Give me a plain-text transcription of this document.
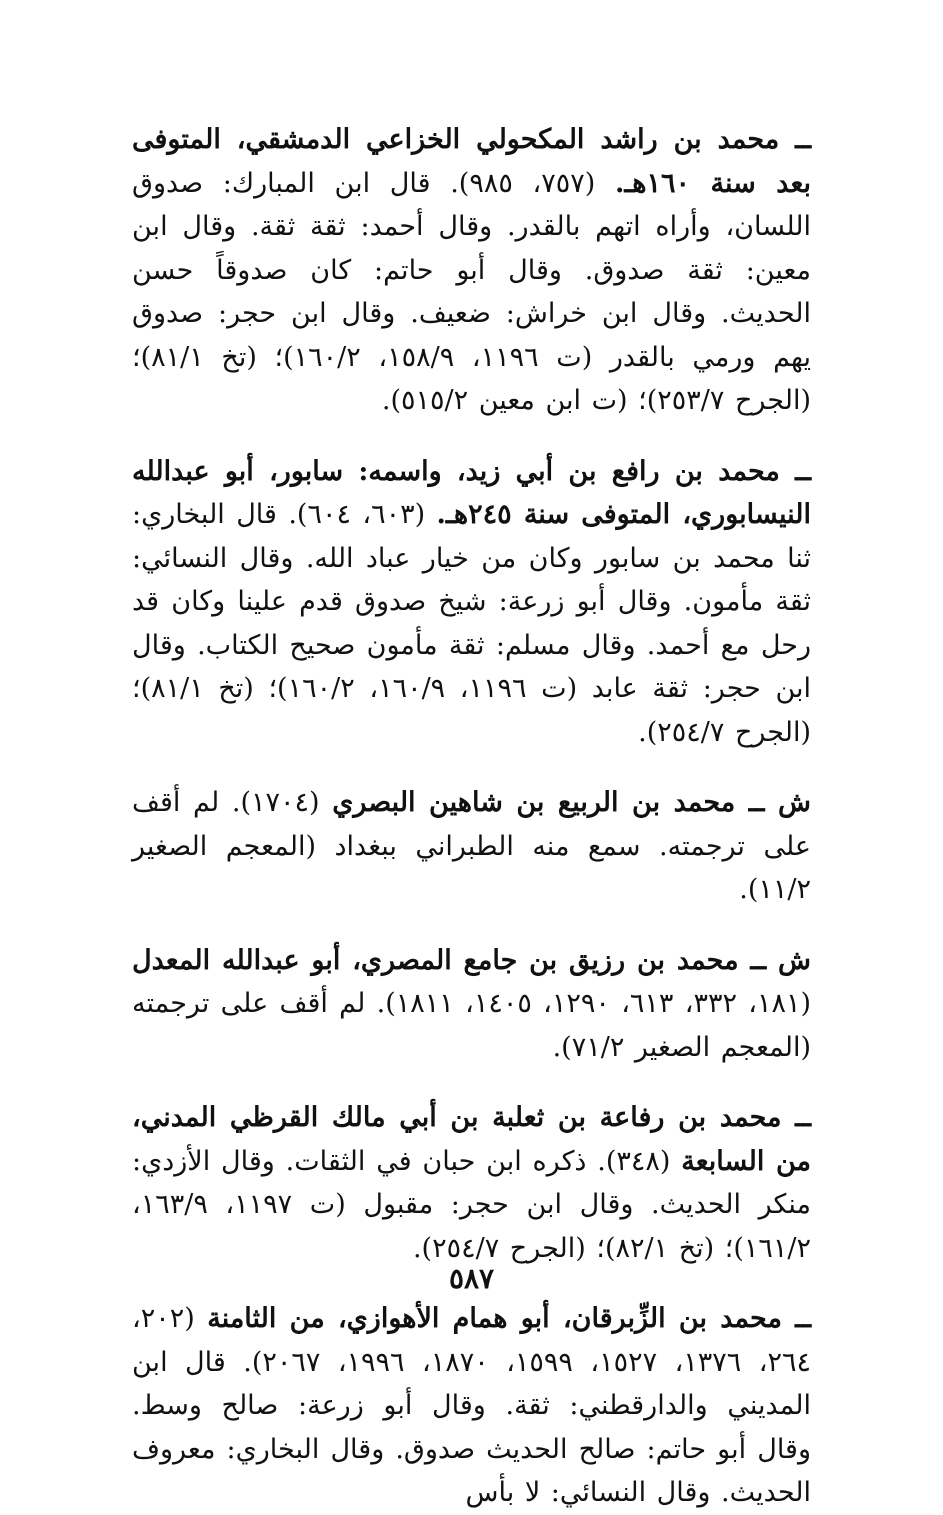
ــ محمد بن راشد المكحولي الخزاعي الدمشقي، المتوفى بعد سنة ١٦٠هـ. (٧٥٧، ٩٨٥). قال ابن المبارك: صدوق اللسان، وأراه اتهم بالقدر. وقال أحمد: ثقة ثقة. وقال ابن معين: ثقة صدوق. وقال أبو حاتم: كان صدوقاً حسن الحديث. وقال ابن خراش: ضعيف. وقال ابن حجر: صدوق يهم ورمي بالقدر (ت ١١٩٦، ١٥٨/٩، ١٦٠/٢)؛ (تخ ٨١/١)؛ (الجرح ٢٥٣/٧)؛ (ت ابن معين ٥١٥/٢).

ــ محمد بن رافع بن أبي زيد، واسمه: سابور، أبو عبدالله النيسابوري، المتوفى سنة ٢٤٥هـ. (٦٠٣، ٦٠٤). قال البخاري: ثنا محمد بن سابور وكان من خيار عباد الله. وقال النسائي: ثقة مأمون. وقال أبو زرعة: شيخ صدوق قدم علينا وكان قد رحل مع أحمد. وقال مسلم: ثقة مأمون صحيح الكتاب. وقال ابن حجر: ثقة عابد (ت ١١٩٦، ١٦٠/٩، ١٦٠/٢)؛ (تخ ٨١/١)؛ (الجرح ٢٥٤/٧).

ش ــ محمد بن الربيع بن شاهين البصري (١٧٠٤). لم أقف على ترجمته. سمع منه الطبراني ببغداد (المعجم الصغير ١١/٢).

ش ــ محمد بن رزيق بن جامع المصري، أبو عبدالله المعدل (١٨١، ٣٣٢، ٦١٣، ١٢٩٠، ١٤٠٥، ١٨١١). لم أقف على ترجمته (المعجم الصغير ٧١/٢).

ــ محمد بن رفاعة بن ثعلبة بن أبي مالك القرظي المدني، من السابعة (٣٤٨). ذكره ابن حبان في الثقات. وقال الأزدي: منكر الحديث. وقال ابن حجر: مقبول (ت ١١٩٧، ١٦٣/٩، ١٦١/٢)؛ (تخ ٨٢/١)؛ (الجرح ٢٥٤/٧).

ــ محمد بن الزِّبرقان، أبو همام الأهوازي، من الثامنة (٢٠٢، ٢٦٤، ١٣٧٦، ١٥٢٧، ١٥٩٩، ١٨٧٠، ١٩٩٦، ٢٠٦٧). قال ابن المديني والدارقطني: ثقة. وقال أبو زرعة: صالح وسط. وقال أبو حاتم: صالح الحديث صدوق. وقال البخاري: معروف الحديث. وقال النسائي: لا بأس

٥٨٧
